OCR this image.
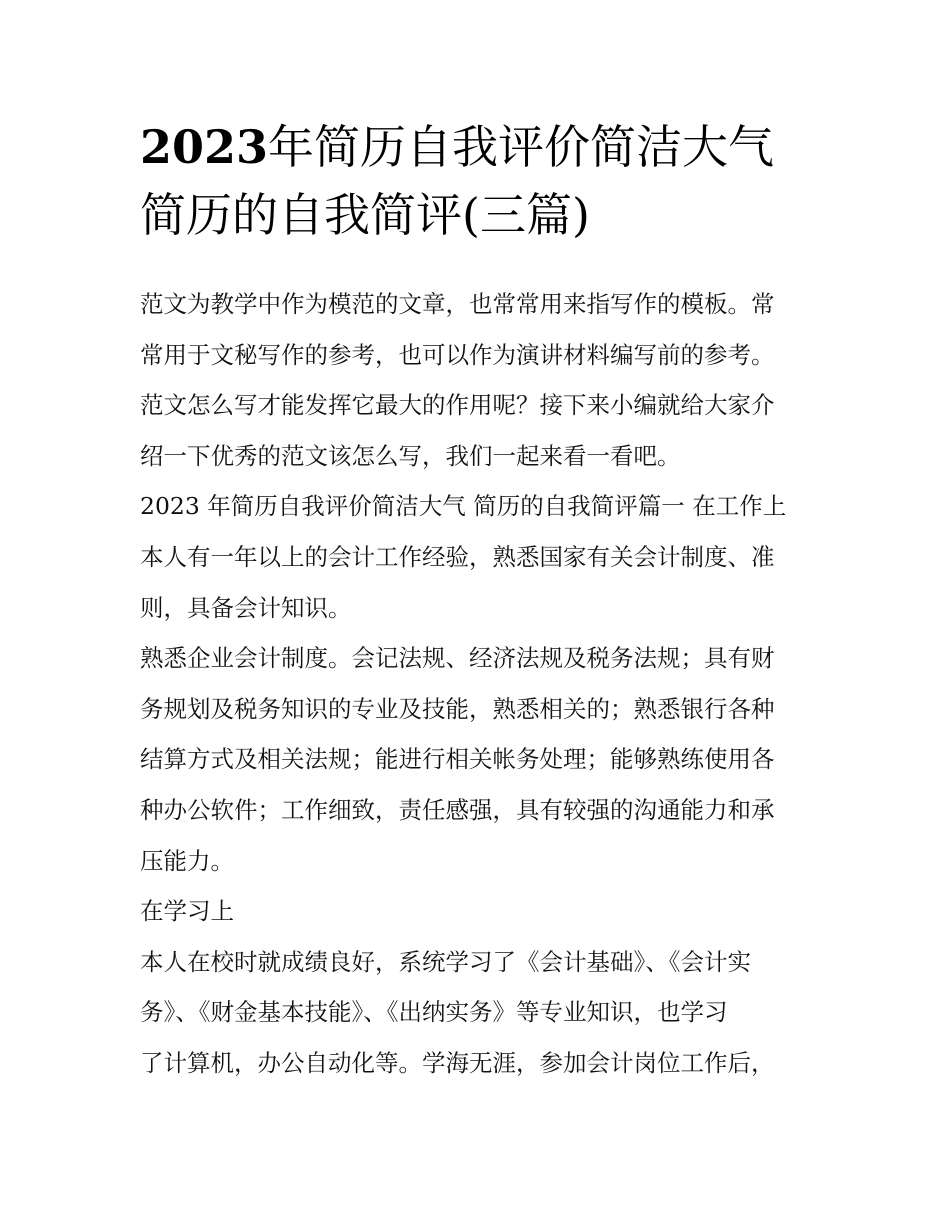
2023年简历自我评价简洁大气
简历的自我简评(三篇)
范文为教学中作为模范的文章，也常常用来指写作的模板。常
常用于文秘写作的参考，也可以作为演讲材料编写前的参考。
范文怎么写才能发挥它最大的作用呢？接下来小编就给大家介
绍一下优秀的范文该怎么写，我们一起来看一看吧。
2023 年简历自我评价简洁大气 简历的自我简评篇一 在工作上
本人有一年以上的会计工作经验，熟悉国家有关会计制度、准
则，具备会计知识。
熟悉企业会计制度。会记法规、经济法规及税务法规；具有财
务规划及税务知识的专业及技能，熟悉相关的；熟悉银行各种
结算方式及相关法规；能进行相关帐务处理；能够熟练使用各
种办公软件；工作细致，责任感强，具有较强的沟通能力和承
压能力。
在学习上
本人在校时就成绩良好，系统学习了《会计基础》、《会计实
务》、《财金基本技能》、《出纳实务》等专业知识，也学习
了计算机，办公自动化等。学海无涯，参加会计岗位工作后，
